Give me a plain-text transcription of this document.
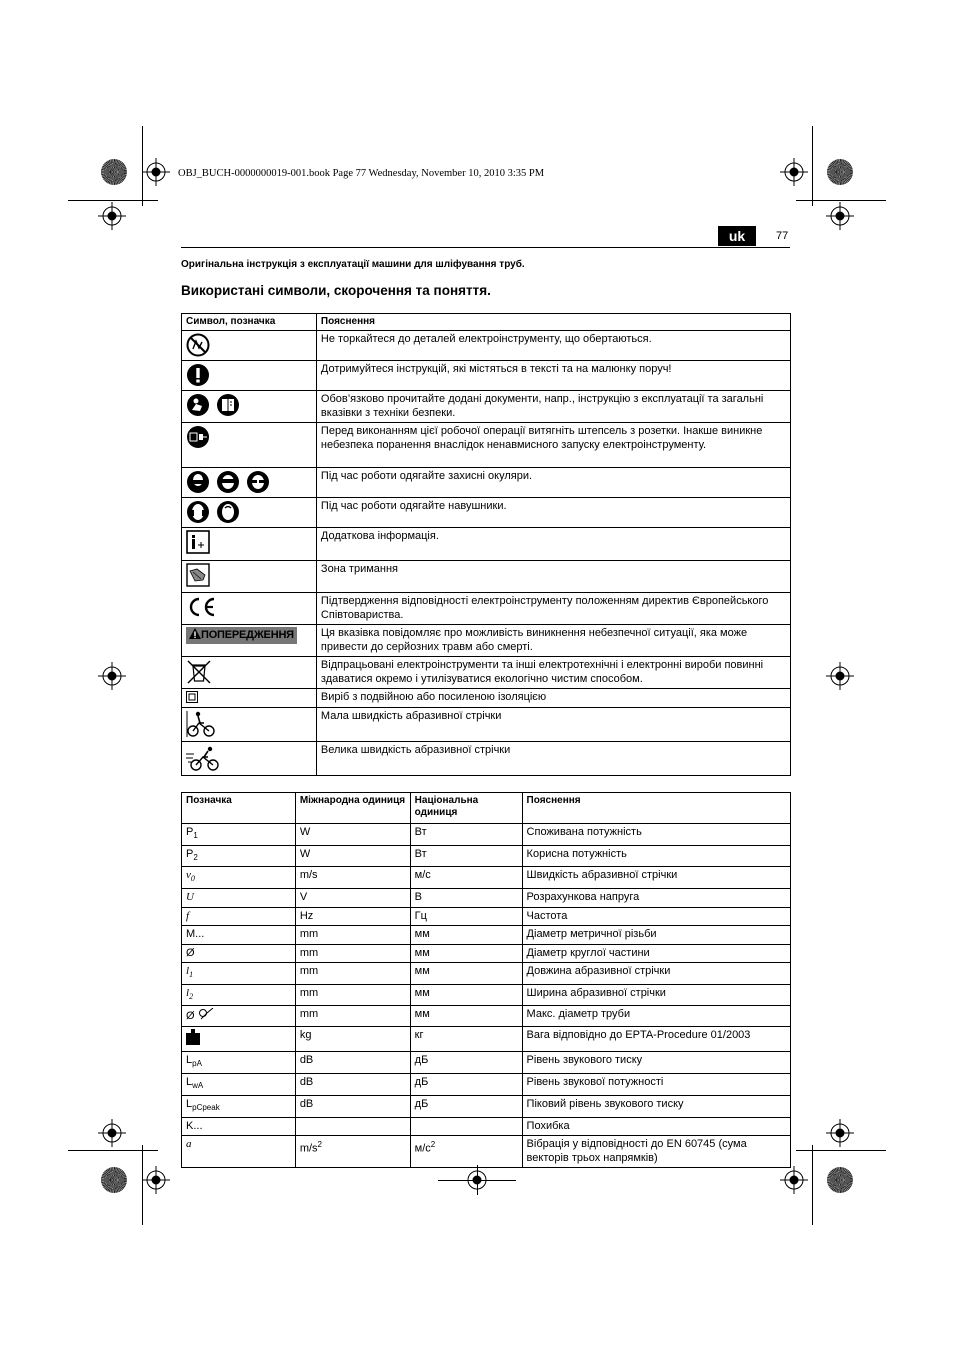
OBJ_BUCH-0000000019-001.book Page 77 Wednesday, November 10, 2010 3:35 PM
uk	77
Оригінальна інструкція з експлуатації машини для шліфування труб.
Використані символи, скорочення та поняття.
Символ, позначка	Пояснення
	Не торкайтеся до деталей електроінструменту, що обертаються.
	Дотримуйтеся інструкцій, які містяться в тексті та на малюнку поруч!
	Обов’язково прочитайте додані документи, напр., інструкцію з експлуатації та загальні вказівки з техніки безпеки.
	Перед виконанням цієї робочої операції витягніть штепсель з розетки. Інакше виникне небезпека поранення внаслідок ненавмисного запуску електроінструменту.
	Під час роботи одягайте захисні окуляри.
	Під час роботи одягайте навушники.
	Додаткова інформація.
	Зона тримання
	Підтвердження відповідності електроінструменту положенням директив Європейського Співтовариства.
ПОПЕРЕДЖЕННЯ	Ця вказівка повідомляє про можливість виникнення небезпечної ситуації, яка може привести до серйозних травм або смерті.
	Відпрацьовані електроінструменти та інші електротехнічні і електронні вироби повинні здаватися окремо і утилізуватися екологічно чистим способом.
	Виріб з подвійною або посиленою ізоляцією
	Мала швидкість абразивної стрічки
	Велика швидкість абразивної стрічки
Позначка	Міжнародна одиниця	Національна одиниця	Пояснення
$P_1$	W	Вт	Споживана потужність
$P_2$	W	Вт	Корисна потужність
$v_0$	m/s	м/с	Швидкість абразивної стрічки
U	V	В	Розрахункова напруга
f	Hz	Гц	Частота
M...	mm	мм	Діаметр метричної різьби
Ø	mm	мм	Діаметр круглої частини
$l_1$	mm	мм	Довжина абразивної стрічки
$l_2$	mm	мм	Ширина абразивної стрічки
Ø	mm	мм	Макс. діаметр труби
	kg	кг	Вага відповідно до EPTA-Procedure 01/2003
$L_{pA}$	dB	дБ	Рівень звукового тиску
$L_{wA}$	dB	дБ	Рівень звукової потужності
$L_{pCpeak}$	dB	дБ	Піковий рівень звукового тиску
K...			Похибка
a	$m/s^2$	$м/с^2$	Вібрація у відповідності до EN 60745 (сума векторів трьох напрямків)
